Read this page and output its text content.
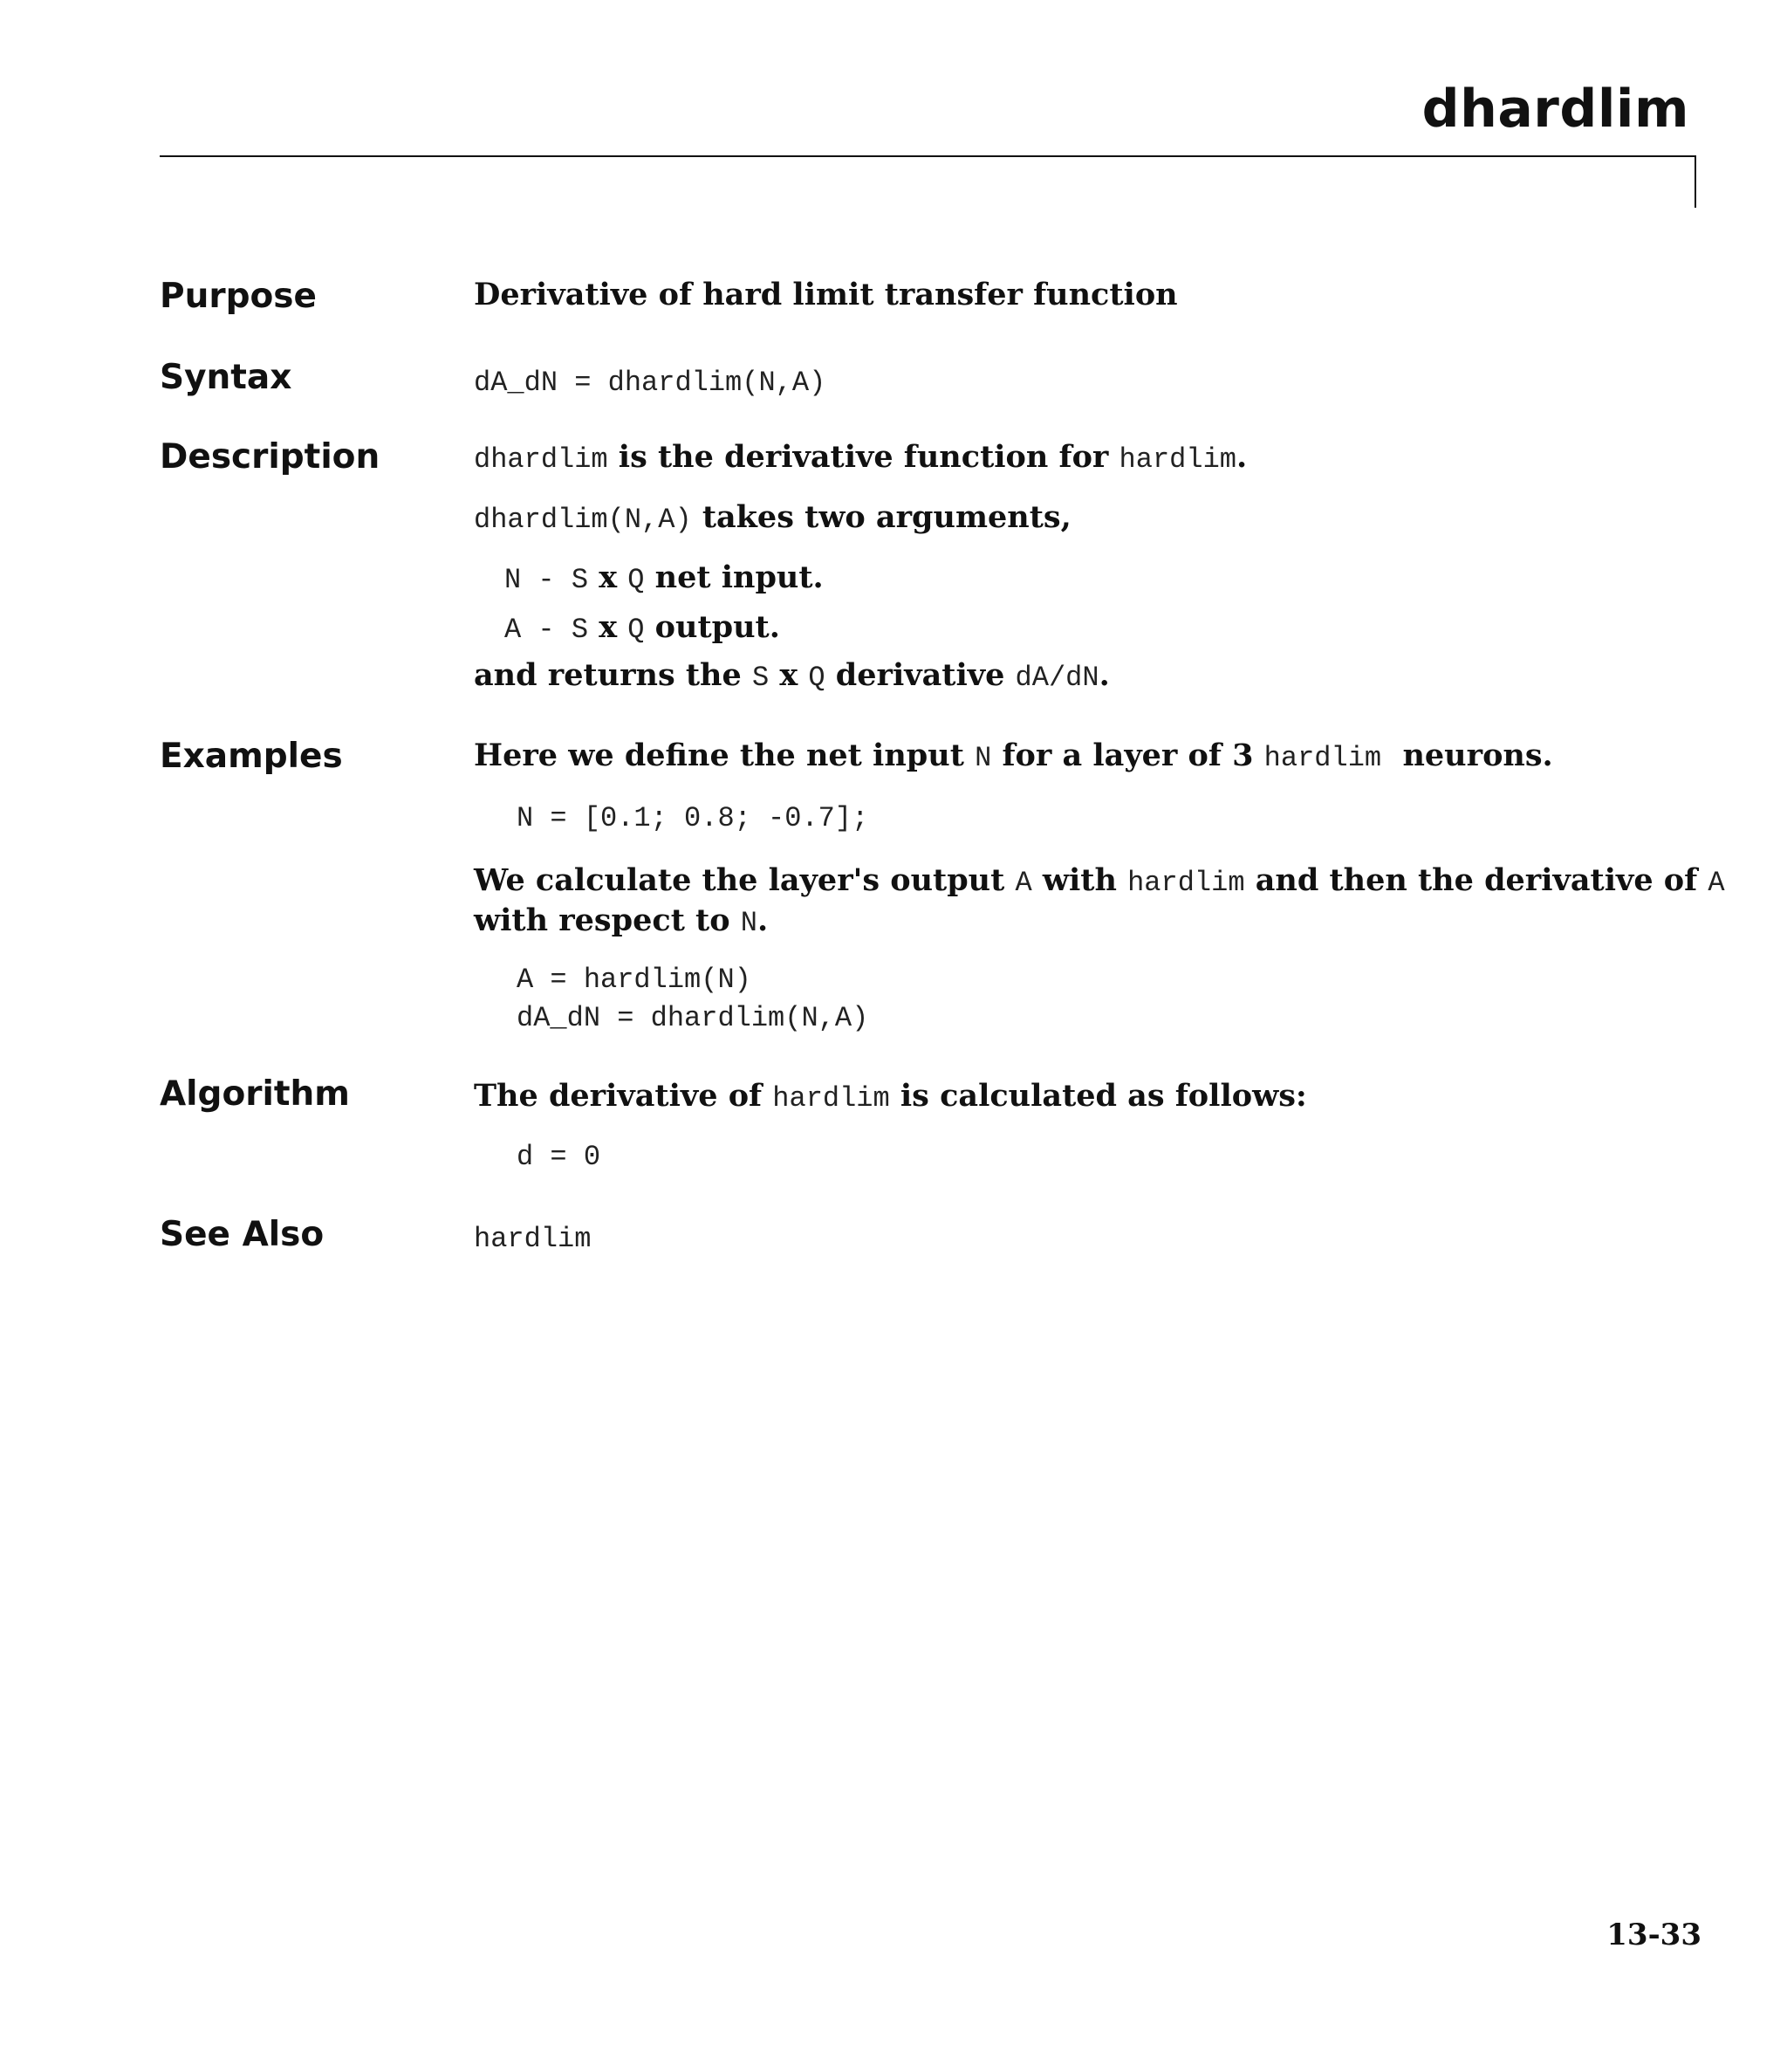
dhardlim

Purpose	Derivative of hard limit transfer function

Syntax	dA_dN = dhardlim(N,A)

Description	dhardlim is the derivative function for hardlim.

dhardlim(N,A) takes two arguments,

N - S x Q net input.

A - S x Q output.

and returns the S x Q derivative dA/dN.

Examples	Here we define the net input N for a layer of 3 hardlim  neurons.

N = [0.1; 0.8; -0.7];

We calculate the layer's output A with hardlim and then the derivative of A

with respect to N.

A = hardlim(N)

dA_dN = dhardlim(N,A)

Algorithm	The derivative of hardlim is calculated as follows:

d = 0

See Also	hardlim

13-33
